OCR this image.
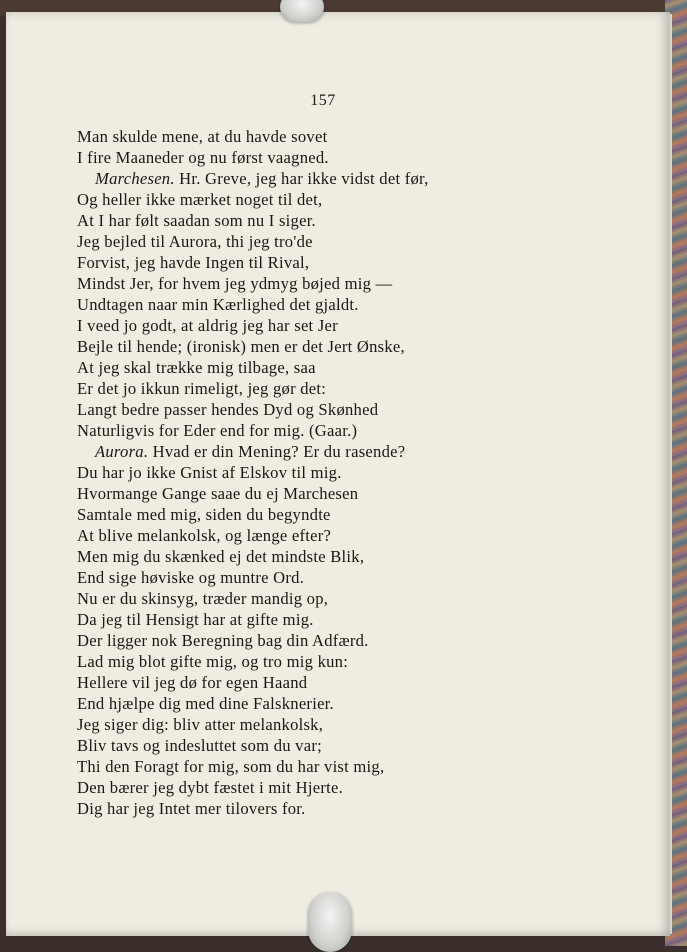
157
Man skulde mene, at du havde sovet
I fire Maaneder og nu først vaagned.
Marchesen. Hr. Greve, jeg har ikke vidst det før,
Og heller ikke mærket noget til det,
At I har følt saadan som nu I siger.
Jeg bejled til Aurora, thi jeg tro'de
Forvist, jeg havde Ingen til Rival,
Mindst Jer, for hvem jeg ydmyg bøjed mig —
Undtagen naar min Kærlighed det gjaldt.
I veed jo godt, at aldrig jeg har set Jer
Bejle til hende; (ironisk) men er det Jert Ønske,
At jeg skal trække mig tilbage, saa
Er det jo ikkun rimeligt, jeg gør det:
Langt bedre passer hendes Dyd og Skønhed
Naturligvis for Eder end for mig. (Gaar.)
Aurora. Hvad er din Mening? Er du rasende?
Du har jo ikke Gnist af Elskov til mig.
Hvormange Gange saae du ej Marchesen
Samtale med mig, siden du begyndte
At blive melankolsk, og længe efter?
Men mig du skænked ej det mindste Blik,
End sige høviske og muntre Ord.
Nu er du skinsyg, træder mandig op,
Da jeg til Hensigt har at gifte mig.
Der ligger nok Beregning bag din Adfærd.
Lad mig blot gifte mig, og tro mig kun:
Hellere vil jeg dø for egen Haand
End hjælpe dig med dine Falsknerier.
Jeg siger dig: bliv atter melankolsk,
Bliv tavs og indesluttet som du var;
Thi den Foragt for mig, som du har vist mig,
Den bærer jeg dybt fæstet i mit Hjerte.
Dig har jeg Intet mer tilovers for.
